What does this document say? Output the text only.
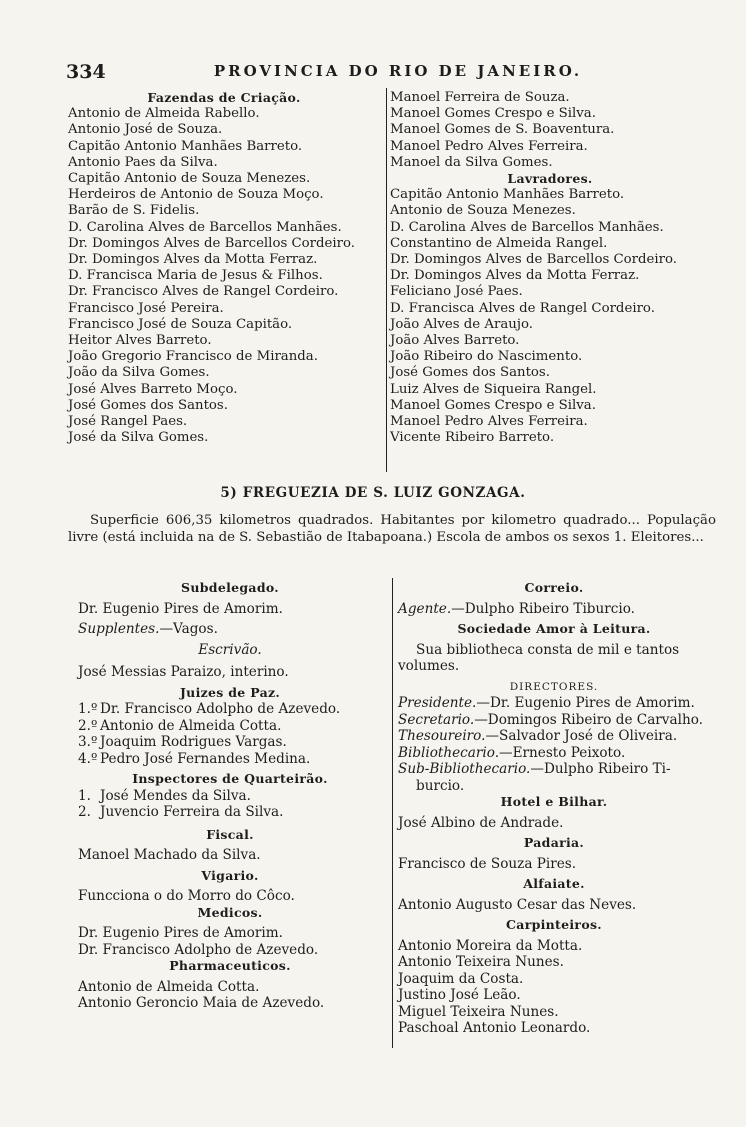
334	PROVINCIA DO RIO DE JANEIRO.
Fazendas de Criação.
Antonio de Almeida Rabello.
Antonio José de Souza.
Capitão Antonio Manhães Barreto.
Antonio Paes da Silva.
Capitão Antonio de Souza Menezes.
Herdeiros de Antonio de Souza Moço.
Barão de S. Fidelis.
D. Carolina Alves de Barcellos Manhães.
Dr. Domingos Alves de Barcellos Cordeiro.
Dr. Domingos Alves da Motta Ferraz.
D. Francisca Maria de Jesus & Filhos.
Dr. Francisco Alves de Rangel Cordeiro.
Francisco José Pereira.
Francisco José de Souza Capitão.
Heitor Alves Barreto.
João Gregorio Francisco de Miranda.
João da Silva Gomes.
José Alves Barreto Moço.
José Gomes dos Santos.
José Rangel Paes.
José da Silva Gomes.
Manoel Ferreira de Souza.
Manoel Gomes Crespo e Silva.
Manoel Gomes de S. Boaventura.
Manoel Pedro Alves Ferreira.
Manoel da Silva Gomes.
Lavradores.
Capitão Antonio Manhães Barreto.
Antonio de Souza Menezes.
D. Carolina Alves de Barcellos Manhães.
Constantino de Almeida Rangel.
Dr. Domingos Alves de Barcellos Cordeiro.
Dr. Domingos Alves da Motta Ferraz.
Feliciano José Paes.
D. Francisca Alves de Rangel Cordeiro.
João Alves de Araujo.
João Alves Barreto.
João Ribeiro do Nascimento.
José Gomes dos Santos.
Luiz Alves de Siqueira Rangel.
Manoel Gomes Crespo e Silva.
Manoel Pedro Alves Ferreira.
Vicente Ribeiro Barreto.
5) FREGUEZIA DE S. LUIZ GONZAGA.

Superficie 606,35 kilometros quadrados. Habitantes por kilometro quadrado... População livre (está incluida na de S. Sebastião de Itabapoana.) Escola de ambos os sexos 1. Eleitores...

Subdelegado.
Dr. Eugenio Pires de Amorim.
Supplentes.—Vagos.
Escrivão.
José Messias Paraizo, interino.
Juizes de Paz.
1.º Dr. Francisco Adolpho de Azevedo.
2.º Antonio de Almeida Cotta.
3.º Joaquim Rodrigues Vargas.
4.º Pedro José Fernandes Medina.
Inspectores de Quarteirão.
1. José Mendes da Silva.
2. Juvencio Ferreira da Silva.
Fiscal.
Manoel Machado da Silva.
Vigario.
Funcciona o do Morro do Côco.
Medicos.
Dr. Eugenio Pires de Amorim.
Dr. Francisco Adolpho de Azevedo.
Pharmaceuticos.
Antonio de Almeida Cotta.
Antonio Geroncio Maia de Azevedo.
Correio.
Agente.—Dulpho Ribeiro Tiburcio.
Sociedade Amor à Leitura.
Sua bibliotheca consta de mil e tantos
volumes.
DIRECTORES.
Presidente.—Dr. Eugenio Pires de Amorim.
Secretario.—Domingos Ribeiro de Carvalho.
Thesoureiro.—Salvador José de Oliveira.
Bibliothecario.—Ernesto Peixoto.
Sub-Bibliothecario.—Dulpho Ribeiro Ti-
burcio.
Hotel e Bilhar.
José Albino de Andrade.
Padaria.
Francisco de Souza Pires.
Alfaiate.
Antonio Augusto Cesar das Neves.
Carpinteiros.
Antonio Moreira da Motta.
Antonio Teixeira Nunes.
Joaquim da Costa.
Justino José Leão.
Miguel Teixeira Nunes.
Paschoal Antonio Leonardo.
